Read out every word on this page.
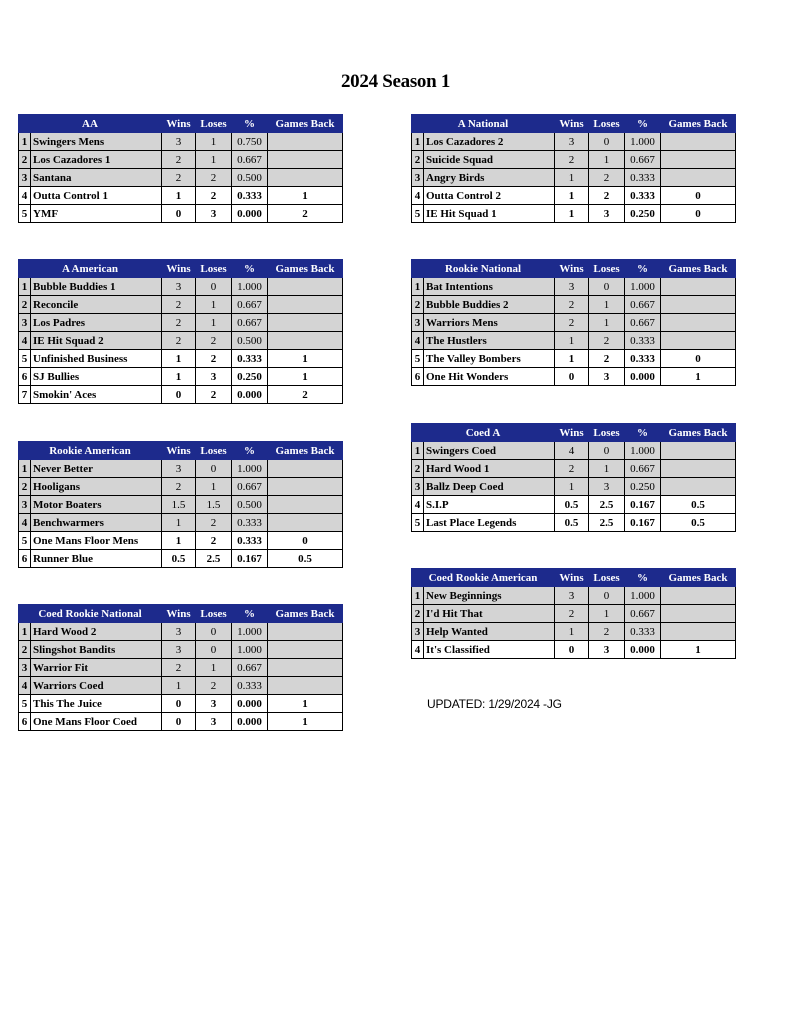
2024 Season 1
AA		Wins	Loses	%	Games Back
1	Swingers Mens	3	1	0.750	
2	Los Cazadores 1	2	1	0.667	
3	Santana	2	2	0.500	
4	Outta Control 1	1	2	0.333	1
5	YMF	0	3	0.000	2
A National		Wins	Loses	%	Games Back
1	Los Cazadores 2	3	0	1.000	
2	Suicide Squad	2	1	0.667	
3	Angry Birds	1	2	0.333	
4	Outta Control 2	1	2	0.333	0
5	IE Hit Squad 1	1	3	0.250	0
A American		Wins	Loses	%	Games Back
1	Bubble Buddies 1	3	0	1.000	
2	Reconcile	2	1	0.667	
3	Los Padres	2	1	0.667	
4	IE Hit Squad 2	2	2	0.500	
5	Unfinished Business	1	2	0.333	1
6	SJ Bullies	1	3	0.250	1
7	Smokin' Aces	0	2	0.000	2
Rookie National		Wins	Loses	%	Games Back
1	Bat Intentions	3	0	1.000	
2	Bubble Buddies 2	2	1	0.667	
3	Warriors Mens	2	1	0.667	
4	The Hustlers	1	2	0.333	
5	The Valley Bombers	1	2	0.333	0
6	One Hit Wonders	0	3	0.000	1
Rookie American		Wins	Loses	%	Games Back
1	Never Better	3	0	1.000	
2	Hooligans	2	1	0.667	
3	Motor Boaters	1.5	1.5	0.500	
4	Benchwarmers	1	2	0.333	
5	One Mans Floor Mens	1	2	0.333	0
6	Runner Blue	0.5	2.5	0.167	0.5
Coed A		Wins	Loses	%	Games Back
1	Swingers Coed	4	0	1.000	
2	Hard Wood 1	2	1	0.667	
3	Ballz Deep Coed	1	3	0.250	
4	S.I.P	0.5	2.5	0.167	0.5
5	Last Place Legends	0.5	2.5	0.167	0.5
Coed Rookie American		Wins	Loses	%	Games Back
1	New Beginnings	3	0	1.000	
2	I'd Hit That	2	1	0.667	
3	Help Wanted	1	2	0.333	
4	It's Classified	0	3	0.000	1
Coed Rookie National		Wins	Loses	%	Games Back
1	Hard Wood 2	3	0	1.000	
2	Slingshot Bandits	3	0	1.000	
3	Warrior Fit	2	1	0.667	
4	Warriors Coed	1	2	0.333	
5	This The Juice	0	3	0.000	1
6	One Mans Floor Coed	0	3	0.000	1
UPDATED: 1/29/2024 -JG
